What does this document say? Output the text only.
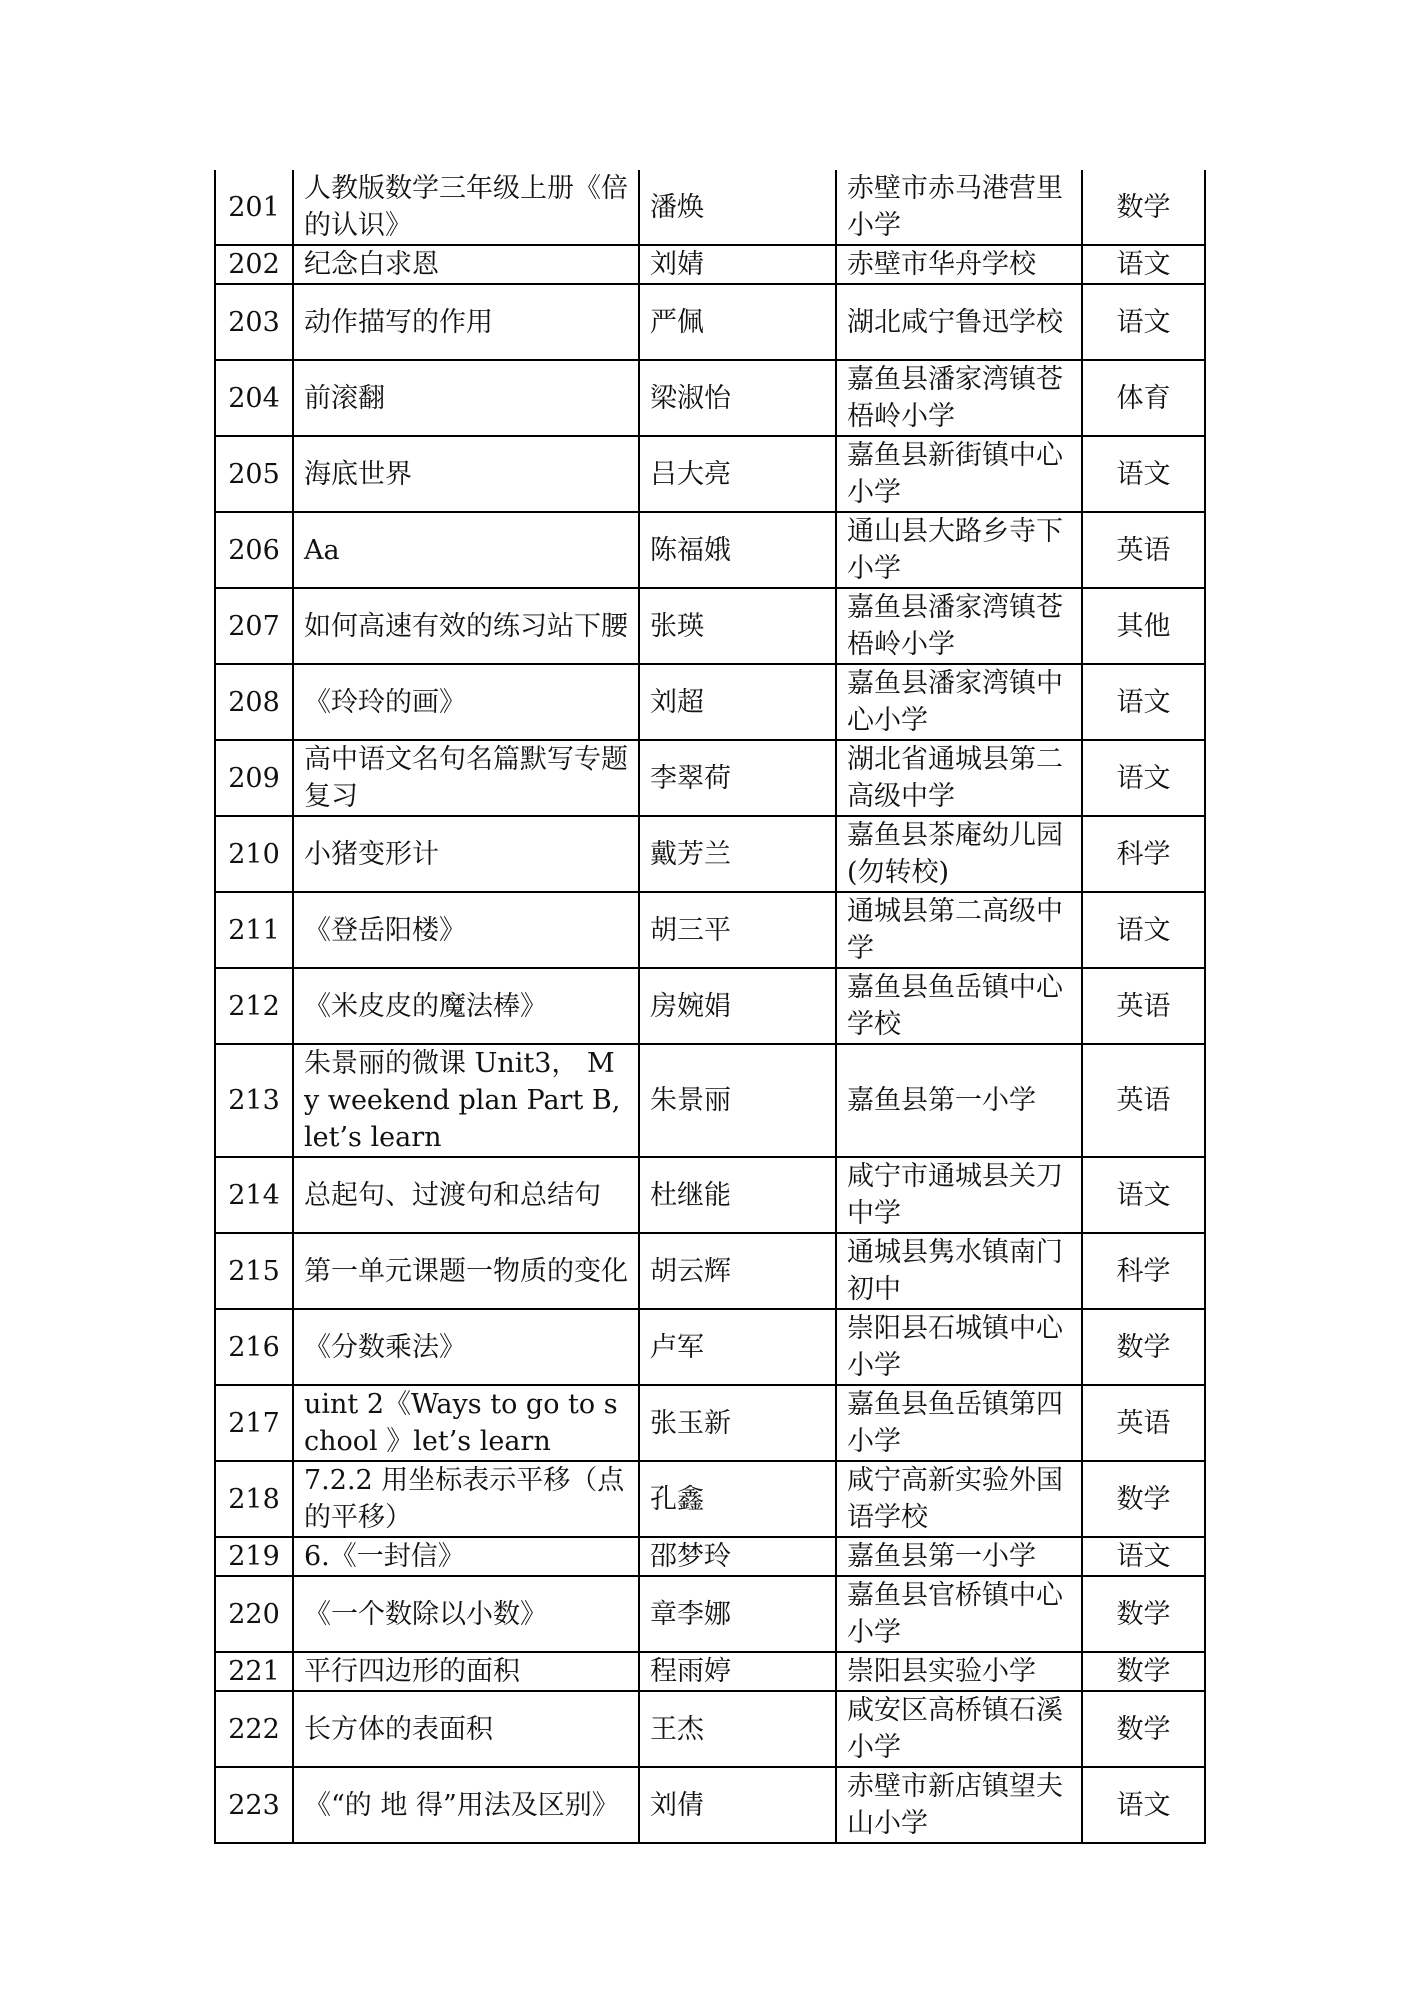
201	人教版数学三年级上册《倍的认识》	潘焕	赤壁市赤马港营里小学	数学
202	纪念白求恩	刘婧	赤壁市华舟学校	语文
203	动作描写的作用	严佩	湖北咸宁鲁迅学校	语文
204	前滚翻	梁淑怡	嘉鱼县潘家湾镇苍梧岭小学	体育
205	海底世界	吕大亮	嘉鱼县新街镇中心小学	语文
206	Aa	陈福娥	通山县大路乡寺下小学	英语
207	如何高速有效的练习站下腰	张瑛	嘉鱼县潘家湾镇苍梧岭小学	其他
208	《玲玲的画》	刘超	嘉鱼县潘家湾镇中心小学	语文
209	高中语文名句名篇默写专题复习	李翠荷	湖北省通城县第二高级中学	语文
210	小猪变形计	戴芳兰	嘉鱼县茶庵幼儿园(勿转校)	科学
211	《登岳阳楼》	胡三平	通城县第二高级中学	语文
212	《米皮皮的魔法棒》	房婉娟	嘉鱼县鱼岳镇中心学校	英语
213	朱景丽的微课 Unit3， My weekend plan Part B, let’s learn	朱景丽	嘉鱼县第一小学	英语
214	总起句、过渡句和总结句	杜继能	咸宁市通城县关刀中学	语文
215	第一单元课题一物质的变化	胡云辉	通城县隽水镇南门初中	科学
216	《分数乘法》	卢军	崇阳县石城镇中心小学	数学
217	uint 2《Ways to go to school 》let’s learn	张玉新	嘉鱼县鱼岳镇第四小学	英语
218	7.2.2 用坐标表示平移（点的平移）	孔鑫	咸宁高新实验外国语学校	数学
219	6.《一封信》	邵梦玲	嘉鱼县第一小学	语文
220	《一个数除以小数》	章李娜	嘉鱼县官桥镇中心小学	数学
221	平行四边形的面积	程雨婷	崇阳县实验小学	数学
222	长方体的表面积	王杰	咸安区高桥镇石溪小学	数学
223	《“的 地 得”用法及区别》	刘倩	赤壁市新店镇望夫山小学	语文
